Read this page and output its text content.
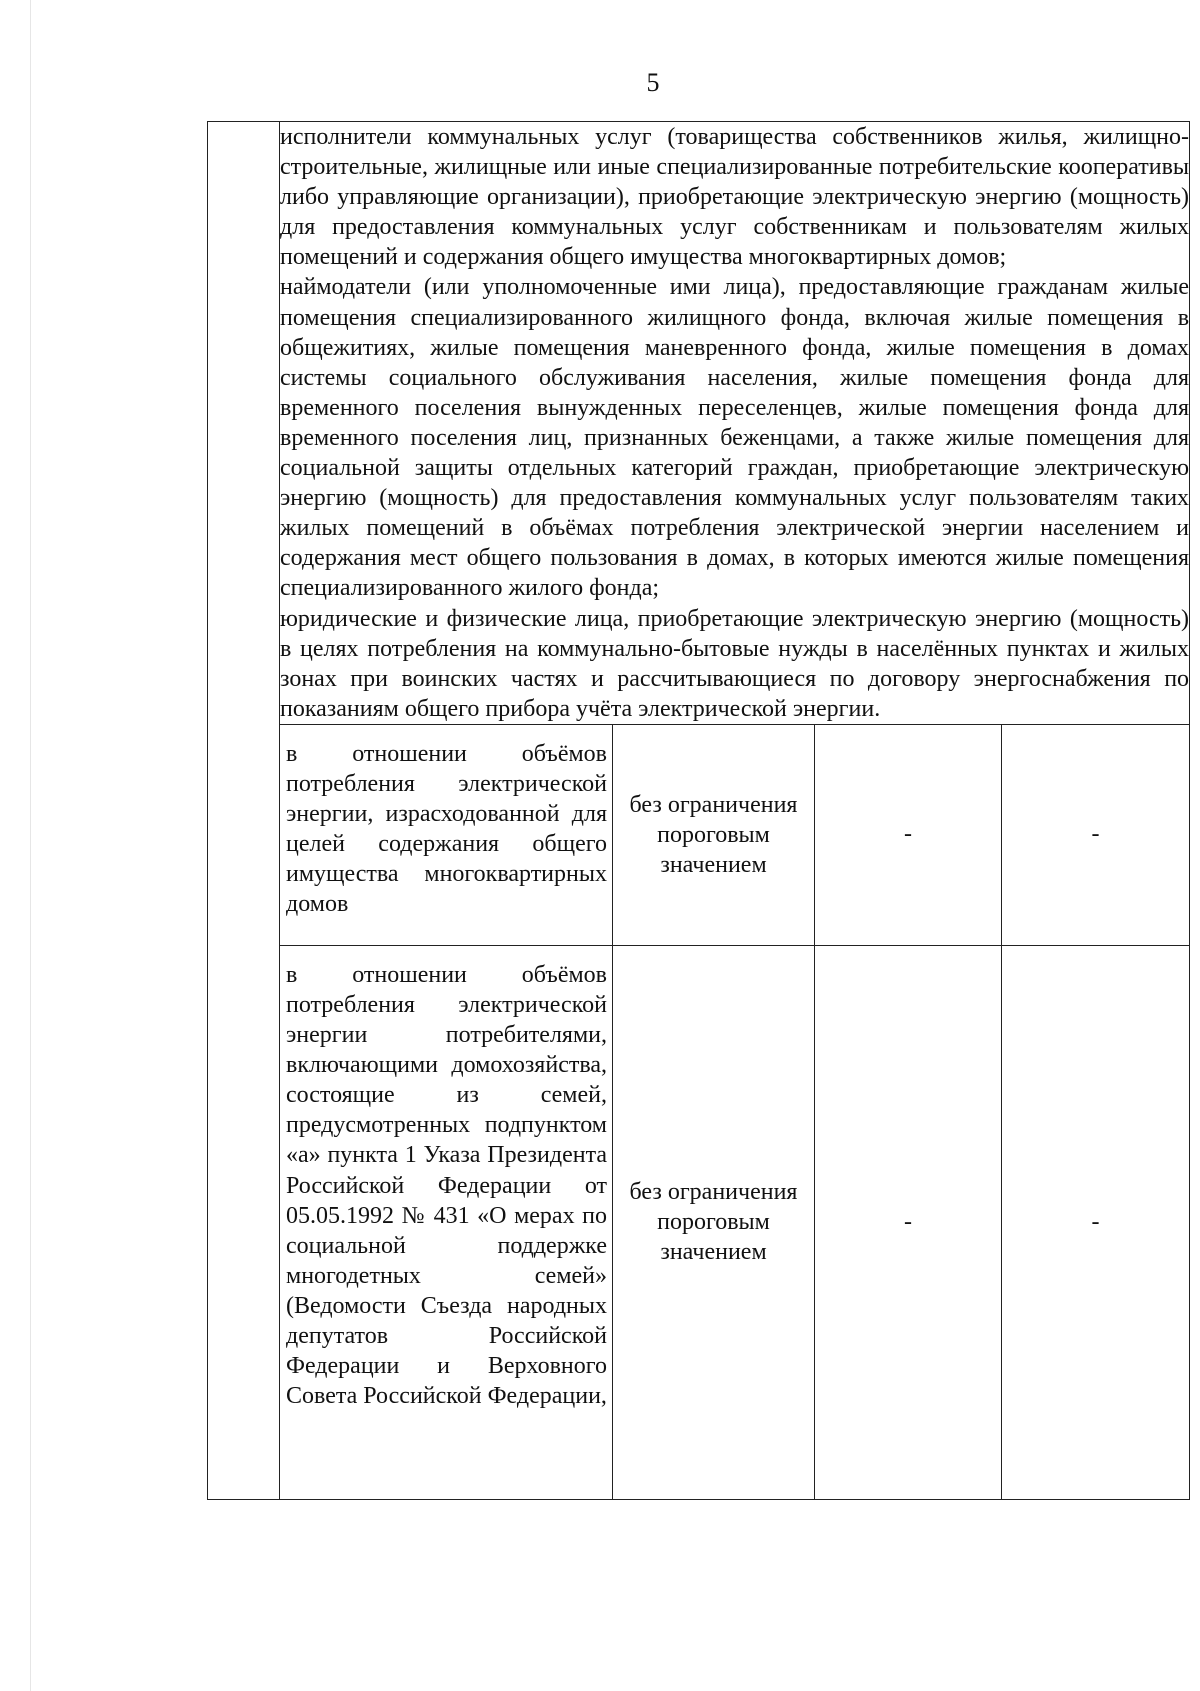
5

	исполнители коммунальных услуг (товарищества собственников жилья, жилищно-строительные, жилищные или иные специализированные потребительские кооперативы либо управляющие организации), приобретающие электрическую энергию (мощность) для предоставления коммунальных услуг собственникам и пользователям жилых помещений и содержания общего имущества многоквартирных домов;

наймодатели (или уполномоченные ими лица), предоставляющие гражданам жилые помещения специализированного жилищного фонда, включая жилые помещения в общежитиях, жилые помещения маневренного фонда, жилые помещения в домах системы социального обслуживания населения, жилые помещения фонда для временного поселения вынужденных переселенцев, жилые помещения фонда для временного поселения лиц, признанных беженцами, а также жилые помещения для социальной защиты отдельных категорий граждан, приобретающие электрическую энергию (мощность) для предоставления коммунальных услуг пользователям таких жилых помещений в объёмах потребления электрической энергии населением и содержания мест общего пользования в домах, в которых имеются жилые помещения специализированного жилого фонда;

юридические и физические лица, приобретающие электрическую энергию (мощность) в целях потребления на коммунально-бытовые нужды в населённых пунктах и жилых зонах при воинских частях и рассчитывающиеся по договору энергоснабжения по показаниям общего прибора учёта электрической энергии.			

	в отношении объёмов потребления электрической энергии, израсходованной для целей содержания общего имущества многоквартирных домов	без ограничения пороговым значением	-	-

	в отношении объёмов потребления электрической энергии потребителями, включающими домохозяйства, состоящие из семей, предусмотренных подпунктом «а» пункта 1 Указа Президента Российской Федерации от 05.05.1992 № 431 «О мерах по социальной поддержке многодетных семей» (Ведомости Съезда народных депутатов Российской Федерации и Верховного Совета Российской Федерации,	без ограничения пороговым значением	-	-
